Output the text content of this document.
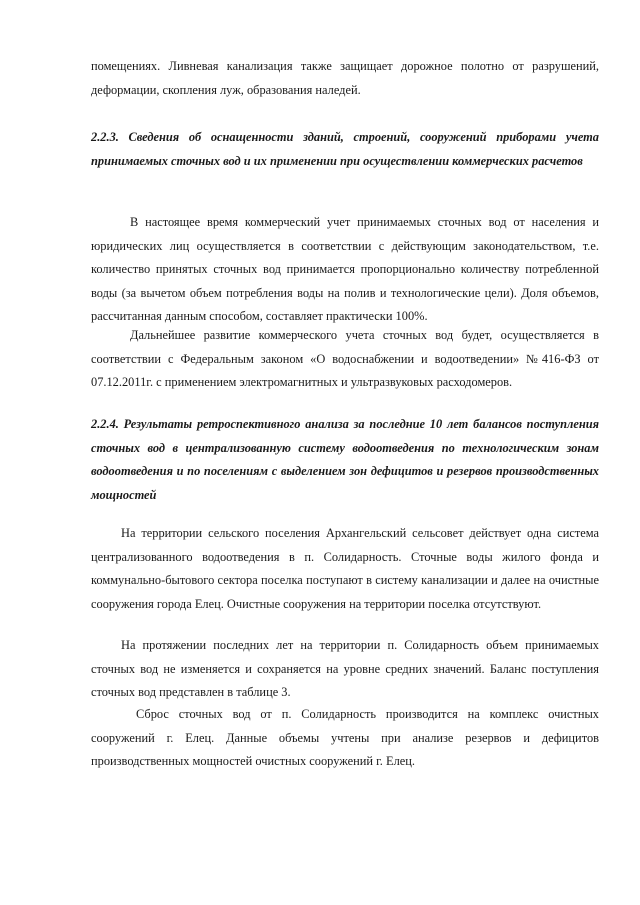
помещениях. Ливневая канализация также защищает дорожное полотно от разрушений, деформации, скопления луж, образования наледей.

2.2.3. Сведения об оснащенности зданий, строений, сооружений приборами учета принимаемых сточных вод и их применении при осуществлении коммерческих расчетов

В настоящее время коммерческий учет принимаемых сточных вод от населения и юридических лиц осуществляется в соответствии с действующим законодательством, т.е. количество принятых сточных вод принимается пропорционально количеству потребленной воды (за вычетом объем потребления воды на полив и технологические цели). Доля объемов, рассчитанная данным способом, составляет практически 100%.

Дальнейшее развитие коммерческого учета сточных вод будет, осуществляется в соответствии с Федеральным законом «О водоснабжении и водоотведении» №416-ФЗ от 07.12.2011г. с применением электромагнитных и ультразвуковых расходомеров.

2.2.4. Результаты ретроспективного анализа за последние 10 лет балансов поступления сточных вод в централизованную систему водоотведения по технологическим зонам водоотведения и по поселениям с выделением зон дефицитов и резервов производственных мощностей

На территории сельского поселения Архангельский сельсовет действует одна система централизованного водоотведения в п. Солидарность. Сточные воды жилого фонда и коммунально-бытового сектора поселка поступают в систему канализации и далее на очистные сооружения города Елец. Очистные сооружения на территории поселка отсутствуют.

На протяжении последних лет на территории п. Солидарность объем принимаемых сточных вод не изменяется и сохраняется на уровне средних значений. Баланс поступления сточных вод представлен в таблице 3.

Сброс сточных вод от п. Солидарность производится на комплекс очистных сооружений г. Елец. Данные объемы учтены при анализе резервов и дефицитов производственных мощностей очистных сооружений г. Елец.
